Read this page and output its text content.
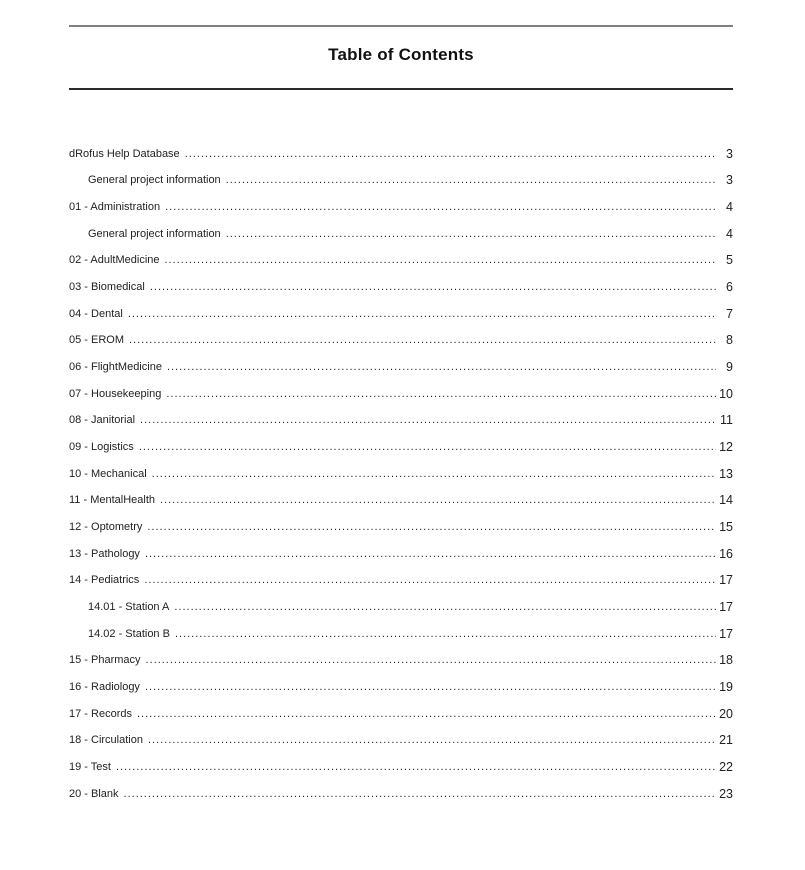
Table of Contents
dRofus Help Database .....	3
General project information .....	3
01 - Administration .....	4
General project information .....	4
02 - AdultMedicine .....	5
03 - Biomedical .....	6
04 - Dental .....	7
05 - EROM .....	8
06 - FlightMedicine .....	9
07 - Housekeeping .....	10
08 - Janitorial .....	11
09 - Logistics .....	12
10 - Mechanical .....	13
11 - MentalHealth .....	14
12 - Optometry .....	15
13 - Pathology .....	16
14 - Pediatrics .....	17
14.01 - Station A .....	17
14.02 - Station B .....	17
15 - Pharmacy .....	18
16 - Radiology .....	19
17 - Records .....	20
18 - Circulation .....	21
19 - Test .....	22
20 - Blank .....	23
